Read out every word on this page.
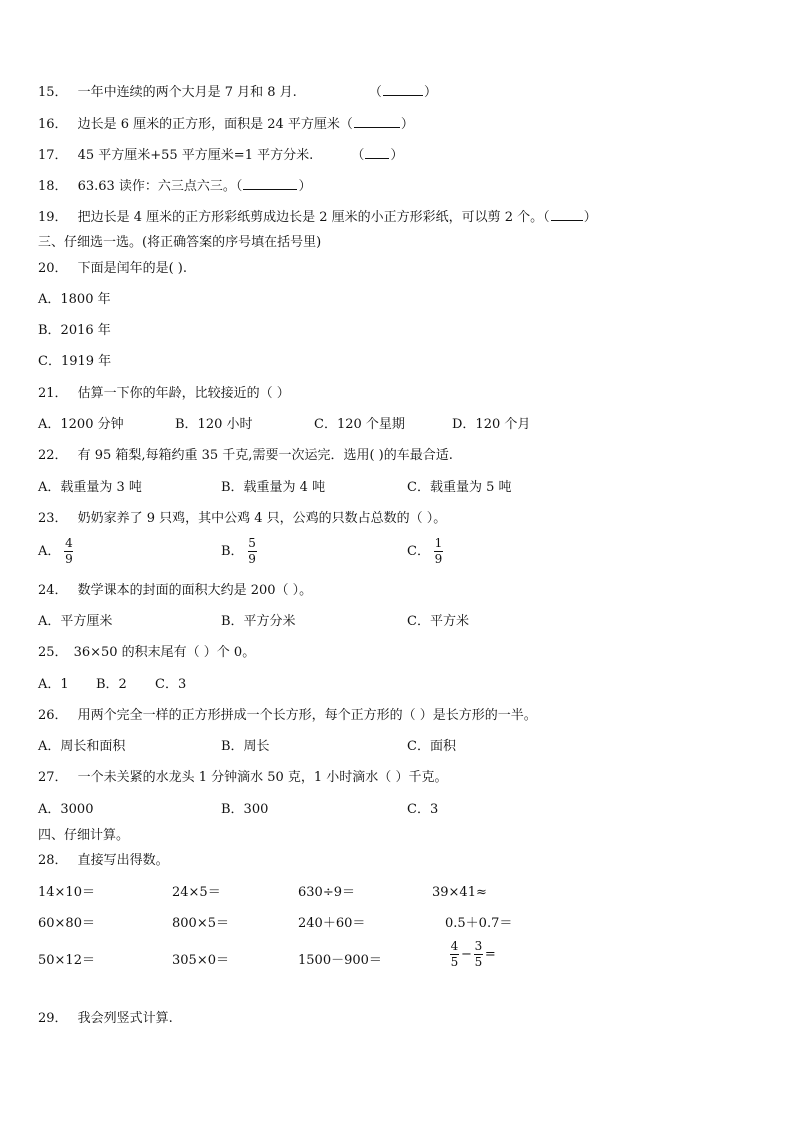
15． 一年中连续的两个大月是 7 月和 8 月.	（	）
16． 边长是 6 厘米的正方形，面积是 24 平方厘米（	）
17． 45 平方厘米+55 平方厘米=1 平方分米.	（ ）
18． 63.63 读作：六三点六三。（	）
19． 把边长是 4 厘米的正方形彩纸剪成边长是 2 厘米的小正方形彩纸，可以剪 2 个。（	）
三、仔细选一选。(将正确答案的序号填在括号里)
20． 下面是闰年的是( ).
A．1800 年
B．2016 年
C．1919 年
21． 估算一下你的年龄，比较接近的（ ）
A．1200 分钟	B．120 小时	C．120 个星期	D．120 个月
22． 有 95 箱梨,每箱约重 35 千克,需要一次运完．选用( )的车最合适.
A．载重量为 3 吨	B．载重量为 4 吨	C．载重量为 5 吨
23． 奶奶家养了 9 只鸡，其中公鸡 4 只，公鸡的只数占总数的（ ）。
A． $\frac{4}{9}$	B． $\frac{5}{9}$	C． $\frac{1}{9}$
24． 数学课本的封面的面积大约是 200（ ）。
A．平方厘米	B．平方分米	C．平方米
25． 36×50 的积末尾有（ ）个 0。
A．1 B．2 C．3
26． 用两个完全一样的正方形拼成一个长方形，每个正方形的（ ）是长方形的一半。
A．周长和面积	B．周长	C．面积
27． 一个未关紧的水龙头 1 分钟滴水 50 克，1 小时滴水（ ）千克。
A．3000	B．300	C．3
四、仔细计算。
28． 直接写出得数。
14×10＝	24×5＝	630÷9＝	39×41≈
60×80＝	800×5＝	240＋60＝	0.5＋0.7＝
50×12＝	305×0＝	1500－900＝	$\frac{4}{5} - \frac{3}{5}$ =
29． 我会列竖式计算.
